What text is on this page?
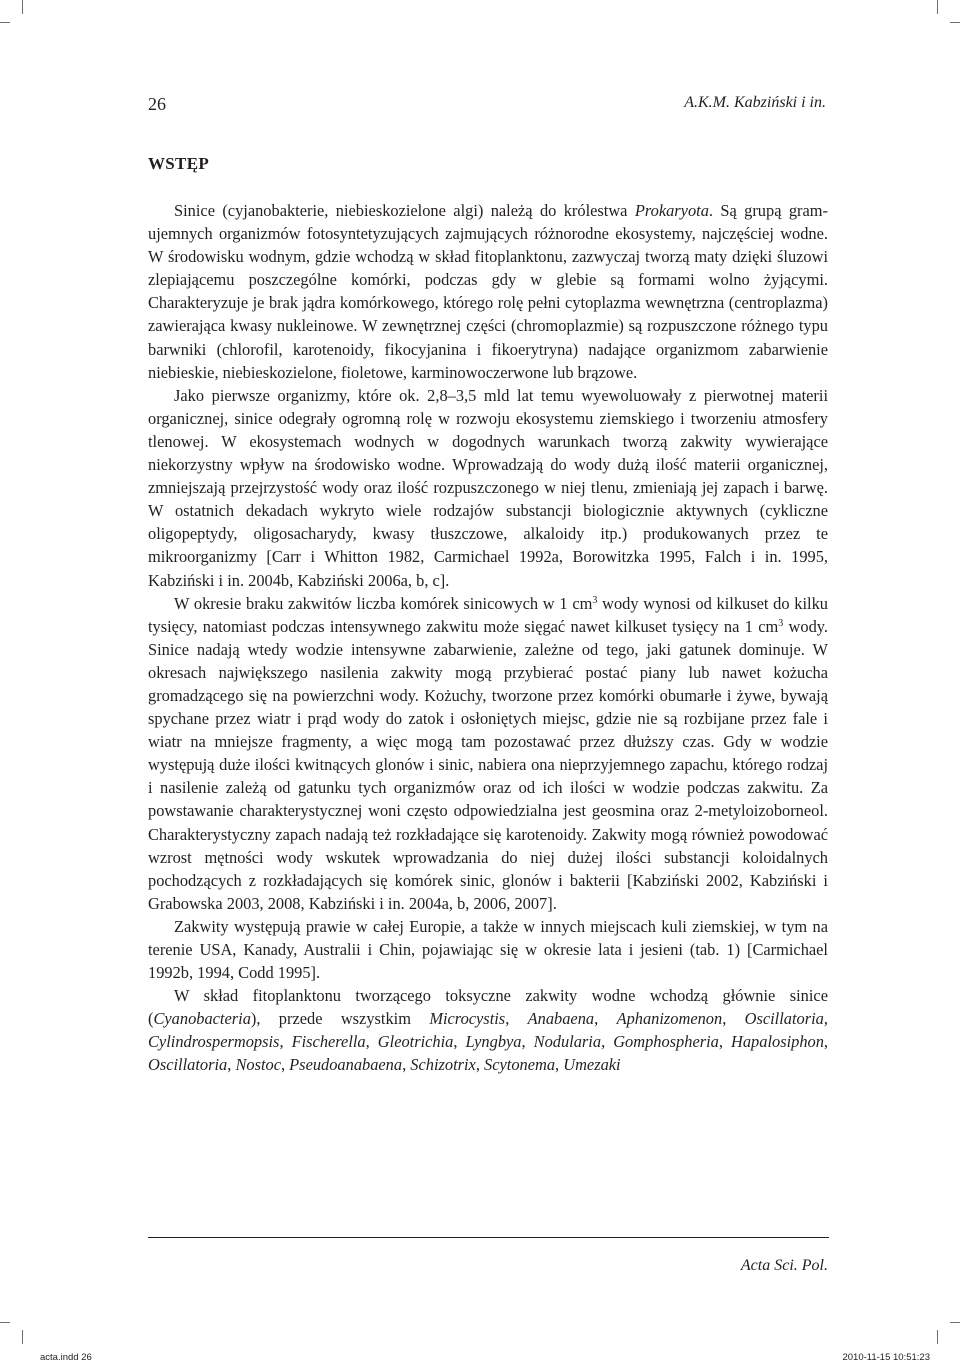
26	A.K.M. Kabziński i in.
WSTĘP

Sinice (cyjanobakterie, niebieskozielone algi) należą do królestwa Prokaryota. Są grupą gram-ujemnych organizmów fotosyntetyzujących zajmujących różnorodne ekosystemy, najczęściej wodne. W środowisku wodnym, gdzie wchodzą w skład fitoplanktonu, zazwyczaj tworzą maty dzięki śluzowi zlepiającemu poszczególne komórki, podczas gdy w glebie są formami wolno żyjącymi. Charakteryzuje je brak jądra komórkowego, którego rolę pełni cytoplazma wewnętrzna (centroplazma) zawierająca kwasy nukleinowe. W zewnętrznej części (chromoplazmie) są rozpuszczone różnego typu barwniki (chlorofil, karotenoidy, fikocyjanina i fikoerytryna) nadające organizmom zabarwienie niebieskie, niebieskozielone, fioletowe, karminowoczerwone lub brązowe.

Jako pierwsze organizmy, które ok. 2,8–3,5 mld lat temu wyewoluowały z pierwotnej materii organicznej, sinice odegrały ogromną rolę w rozwoju ekosystemu ziemskiego i tworzeniu atmosfery tlenowej. W ekosystemach wodnych w dogodnych warunkach tworzą zakwity wywierające niekorzystny wpływ na środowisko wodne. Wprowadzają do wody dużą ilość materii organicznej, zmniejszają przejrzystość wody oraz ilość rozpuszczonego w niej tlenu, zmieniają jej zapach i barwę. W ostatnich dekadach wykryto wiele rodzajów substancji biologicznie aktywnych (cykliczne oligopeptydy, oligosacharydy, kwasy tłuszczowe, alkaloidy itp.) produkowanych przez te mikroorganizmy [Carr i Whitton 1982, Carmichael 1992a, Borowitzka 1995, Falch i in. 1995, Kabziński i in. 2004b, Kabziński 2006a, b, c].

W okresie braku zakwitów liczba komórek sinicowych w 1 $cm^3$ wody wynosi od kilkuset do kilku tysięcy, natomiast podczas intensywnego zakwitu może sięgać nawet kilkuset tysięcy na 1 $cm^3$ wody. Sinice nadają wtedy wodzie intensywne zabarwienie, zależne od tego, jaki gatunek dominuje. W okresach największego nasilenia zakwity mogą przybierać postać piany lub nawet kożucha gromadzącego się na powierzchni wody. Kożuchy, tworzone przez komórki obumarłe i żywe, bywają spychane przez wiatr i prąd wody do zatok i osłoniętych miejsc, gdzie nie są rozbijane przez fale i wiatr na mniejsze fragmenty, a więc mogą tam pozostawać przez dłuższy czas. Gdy w wodzie występują duże ilości kwitnących glonów i sinic, nabiera ona nieprzyjemnego zapachu, którego rodzaj i nasilenie zależą od gatunku tych organizmów oraz od ich ilości w wodzie podczas zakwitu. Za powstawanie charakterystycznej woni często odpowiedzialna jest geosmina oraz 2-metyloizoborneol. Charakterystyczny zapach nadają też rozkładające się karotenoidy. Zakwity mogą również powodować wzrost mętności wody wskutek wprowadzania do niej dużej ilości substancji koloidalnych pochodzących z rozkładających się komórek sinic, glonów i bakterii [Kabziński 2002, Kabziński i Grabowska 2003, 2008, Kabziński i in. 2004a, b, 2006, 2007].

Zakwity występują prawie w całej Europie, a także w innych miejscach kuli ziemskiej, w tym na terenie USA, Kanady, Australii i Chin, pojawiając się w okresie lata i jesieni (tab. 1) [Carmichael 1992b, 1994, Codd 1995].

W skład fitoplanktonu tworzącego toksyczne zakwity wodne wchodzą głównie sinice (Cyanobacteria), przede wszystkim Microcystis, Anabaena, Aphanizomenon, Oscillatoria, Cylindrospermopsis, Fischerella, Gleotrichia, Lyngbya, Nodularia, Gomphospheria, Hapalosiphon, Oscillatoria, Nostoc, Pseudoanabaena, Schizotrix, Scytonema, Umezaki

Acta Sci. Pol.
acta.indd 26	2010-11-15 10:51:23
